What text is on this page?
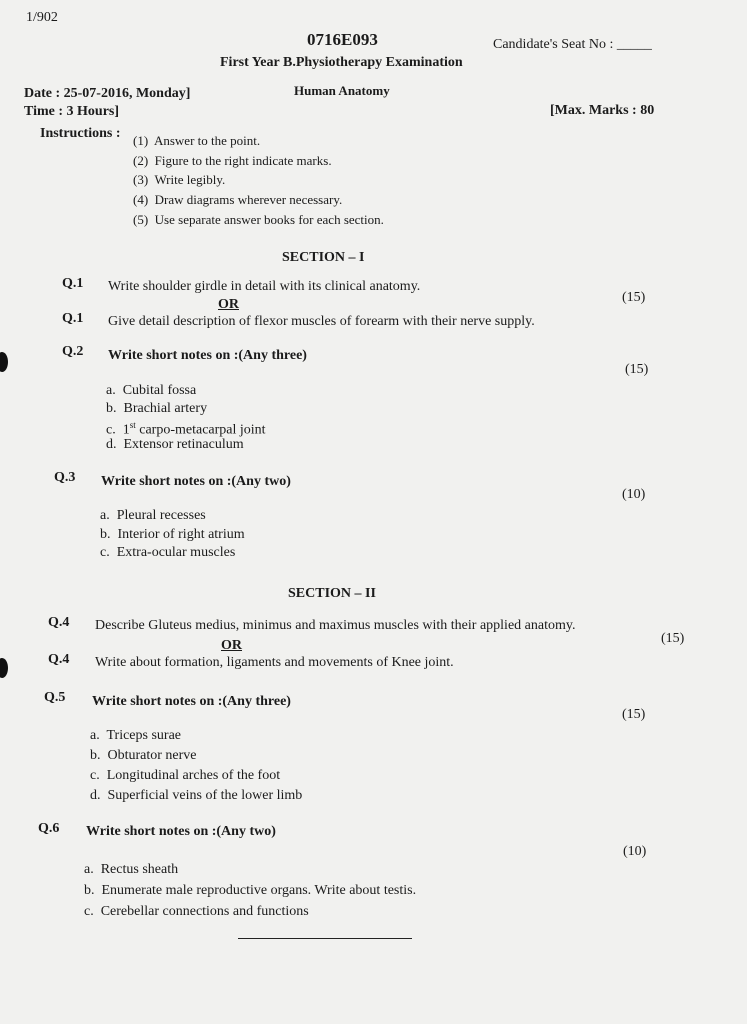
1/902
0716E093	Candidate's Seat No : _____
First Year B.Physiotherapy Examination
Human Anatomy
Date : 25-07-2016, Monday]
Time : 3 Hours]	[Max. Marks : 80
Instructions : (1) Answer to the point.
(2) Figure to the right indicate marks.
(3) Write legibly.
(4) Draw diagrams wherever necessary.
(5) Use separate answer books for each section.
SECTION – I
Q.1 Write shoulder girdle in detail with its clinical anatomy.
(15)
OR
Q.1 Give detail description of flexor muscles of forearm with their nerve supply.
Q.2 Write short notes on :(Any three)
(15)
a. Cubital fossa
b. Brachial artery
c. 1st carpo-metacarpal joint
d. Extensor retinaculum
Q.3 Write short notes on :(Any two)
(10)
a. Pleural recesses
b. Interior of right atrium
c. Extra-ocular muscles
SECTION – II
Q.4 Describe Gluteus medius, minimus and maximus muscles with their applied anatomy.
(15)
OR
Q.4 Write about formation, ligaments and movements of Knee joint.
Q.5 Write short notes on :(Any three)
(15)
a. Triceps surae
b. Obturator nerve
c. Longitudinal arches of the foot
d. Superficial veins of the lower limb
Q.6 Write short notes on :(Any two)
(10)
a. Rectus sheath
b. Enumerate male reproductive organs. Write about testis.
c. Cerebellar connections and functions
